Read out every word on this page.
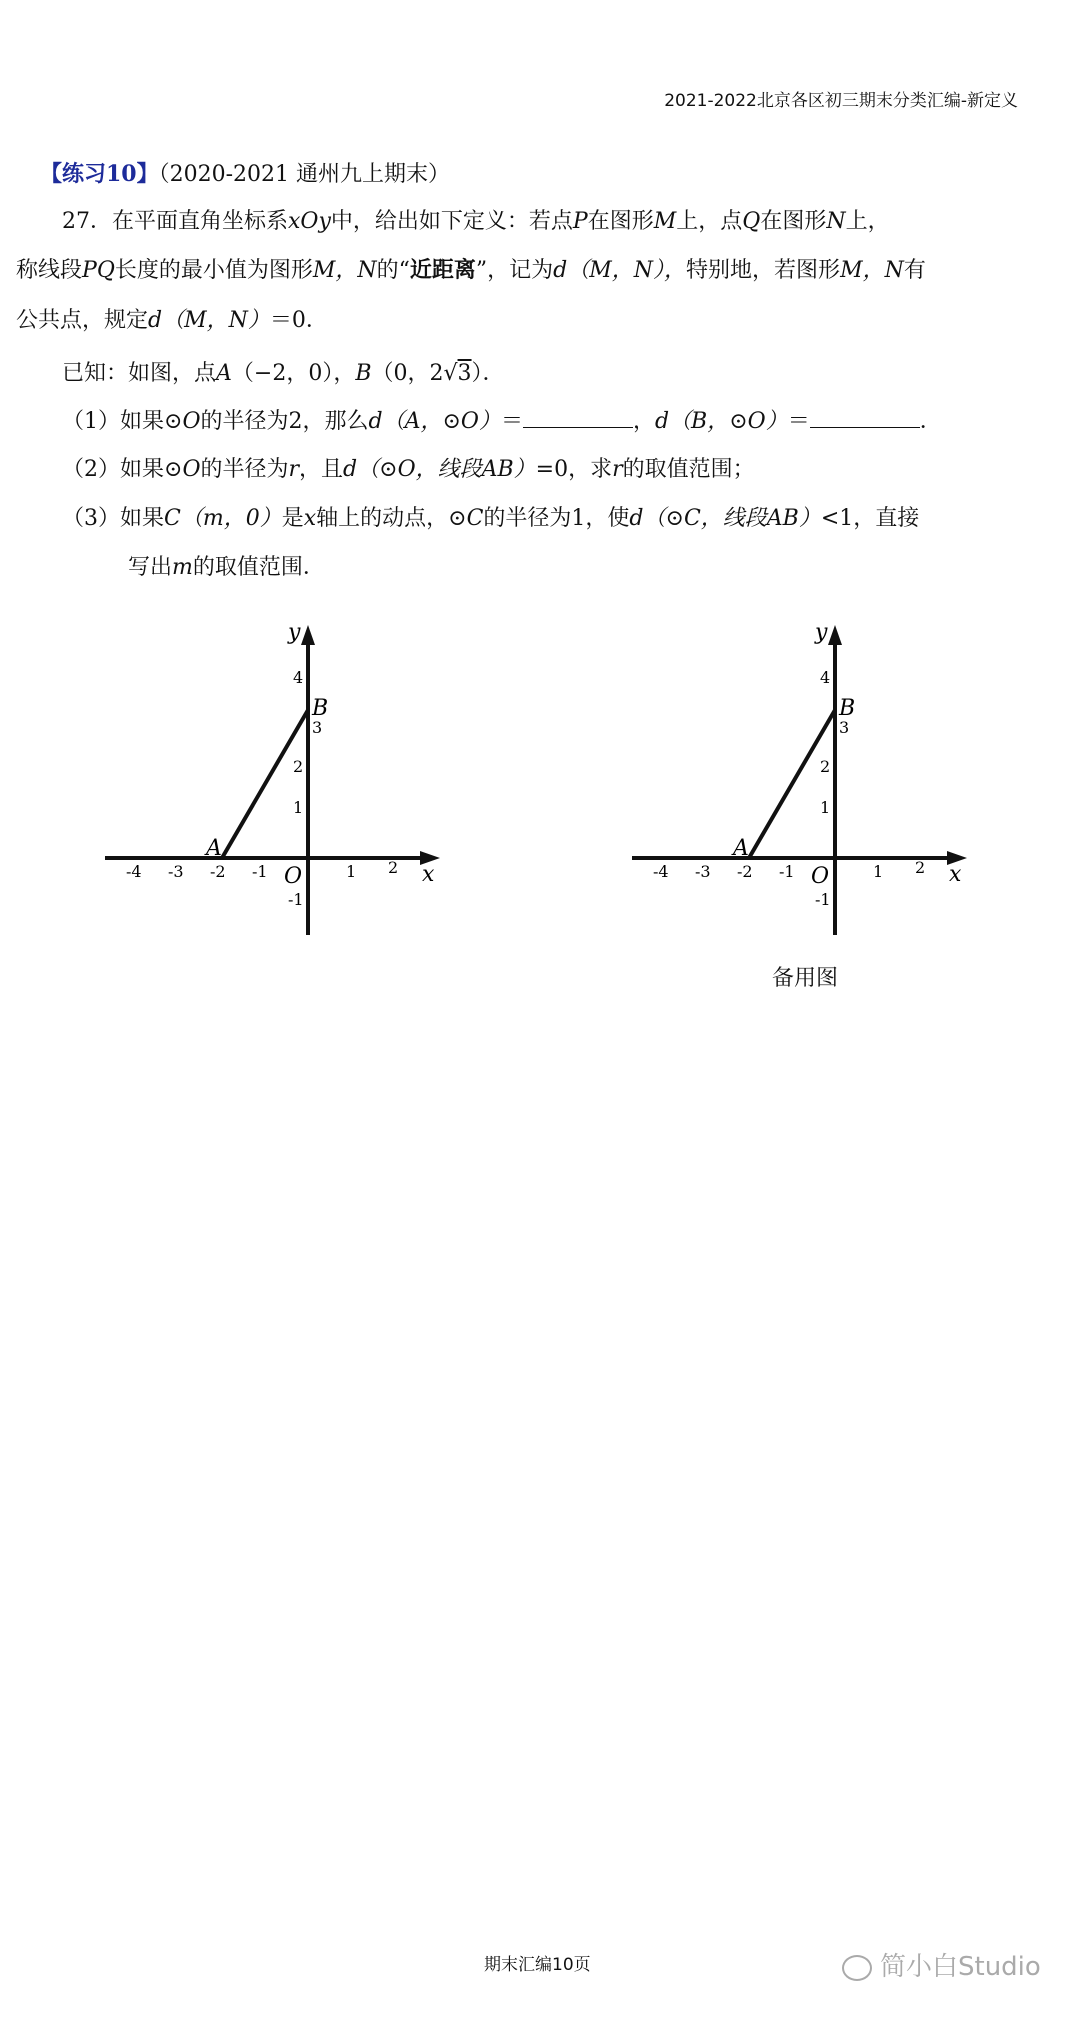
2021-2022北京各区初三期末分类汇编-新定义
【练习10】（2020-2021 通州九上期末）
27．在平面直角坐标系xOy中，给出如下定义：若点P在图形M上，点Q在图形N上，
称线段PQ长度的最小值为图形M，N的“近距离”，记为d（M，N），特别地，若图形M，N有
公共点，规定d（M，N）＝0．
已知：如图，点A（−2，0），B（0，2√3）．
（1）如果⊙O的半径为2，那么d（A，⊙O）＝	，d（B，⊙O）＝	．
（2）如果⊙O的半径为r，且d（⊙O，线段AB）=0，求r的取值范围；
（3）如果C（m，0）是x轴上的动点，⊙C的半径为1，使d（⊙C，线段AB）<1，直接
写出m的取值范围．
-4 -3 -2 -1	1 2
4
3
2
1
-1
x
y
O
A
B
-4 -3 -2 -1	1 2
4
3
2
1
-1
x
y
O
A
B
备用图
期末汇编10页	简小白Studio
